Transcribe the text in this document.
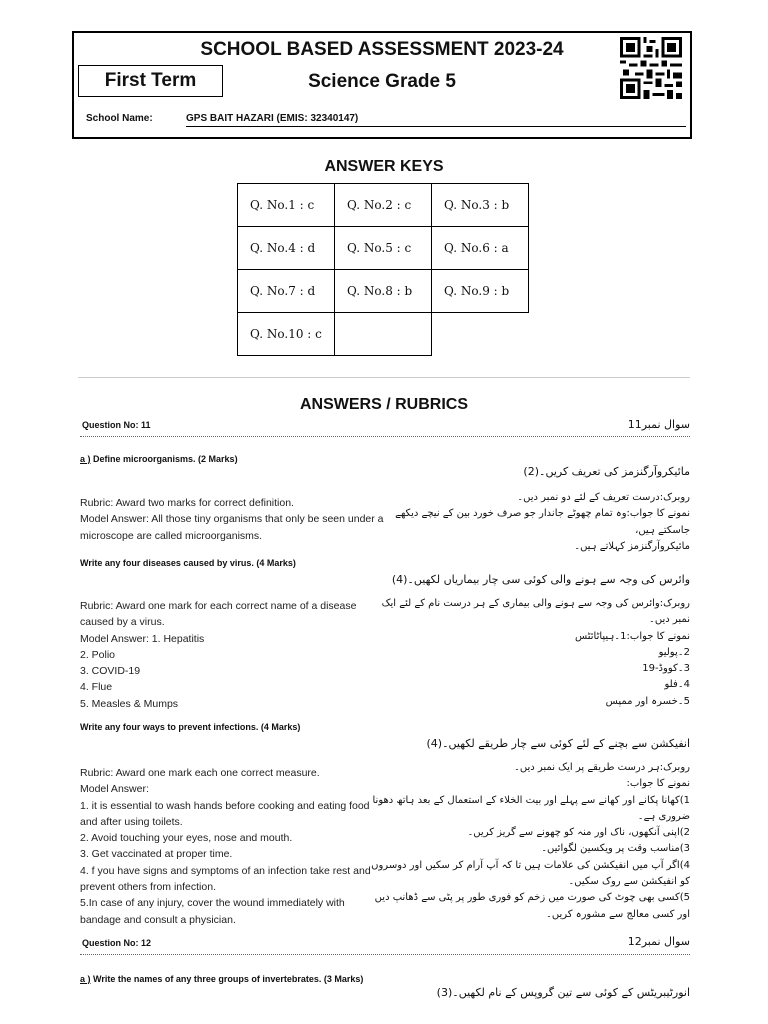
SCHOOL BASED ASSESSMENT 2023-24
First Term	Science Grade 5
School Name:	GPS BAIT HAZARI (EMIS: 32340147)
ANSWER KEYS
Q. No.1 : c	Q. No.2 : c	Q. No.3 : b
Q. No.4 : d	Q. No.5 : c	Q. No.6 : a
Q. No.7 : d	Q. No.8 : b	Q. No.9 : b
Q. No.10 : c		
ANSWERS / RUBRICS
Question No: 11	سوال نمبر11
a ) Define microorganisms. (2 Marks)
مائیکروآرگنزمز کی تعریف کریں۔(2)
Rubric: Award two marks for correct definition.
Model Answer: All those tiny organisms that only be seen under a
microscope are called microorganisms.
روبرک:درست تعریف کے لئے دو نمبر دیں۔
نمونے کا جواب:وہ تمام چھوٹے جاندار جو صرف خورد بین کے نیچے دیکھے جاسکتے ہیں،
مائیکروآرگنزمز کہلاتے ہیں۔
Write any four diseases caused by virus. (4 Marks)
وائرس کی وجہ سے ہونے والی کوئی سی چار بیماریاں لکھیں۔(4)
Rubric: Award one mark for each correct name of a disease
caused by a virus.
Model Answer: 1. Hepatitis
2. Polio
3. COVID-19
4. Flue
5. Measles & Mumps
روبرک:وائرس کی وجہ سے ہونے والی بیماری کے ہر درست نام کے لئے ایک نمبر دیں۔
نمونے کا جواب:1۔ہیپاٹائٹس
2۔پولیو
3۔کووڈ-19
4۔فلو
5۔خسرہ اور ممپس
Write any four ways to prevent infections. (4 Marks)
انفیکشن سے بچنے کے لئے کوئی سے چار طریقے لکھیں۔(4)
Rubric: Award one mark each one correct measure.
Model Answer:
1. it is essential to wash hands before cooking and eating food
and after using toilets.
2. Avoid touching your eyes, nose and mouth.
3. Get vaccinated at proper time.
4. f you have signs and symptoms of an infection take rest and
prevent others from infection.
5.In case of any injury, cover the wound immediately with
bandage and consult a physician.
روبرک:ہر درست طریقے پر ایک نمبر دیں۔
نمونے کا جواب:
1)کھانا پکانے اور کھانے سے پہلے اور بیت الخلاء کے استعمال کے بعد ہاتھ دھونا ضروری ہے۔
2)اپنی آنکھوں، ناک اور منہ کو چھونے سے گریز کریں۔
3)مناسب وقت پر ویکسین لگوائیں۔
4)اگر آپ میں انفیکشن کی علامات ہیں تا کہ آپ آرام کر سکیں اور دوسروں کو انفیکشن سے روک سکیں۔
5)کسی بھی چوٹ کی صورت میں زخم کو فوری طور پر پٹی سے ڈھانپ دیں اور کسی معالج سے مشورہ کریں۔
Question No: 12	سوال نمبر12
a ) Write the names of any three groups of invertebrates. (3 Marks)
انورٹیبریٹس کے کوئی سے تین گروپس کے نام لکھیں۔(3)
